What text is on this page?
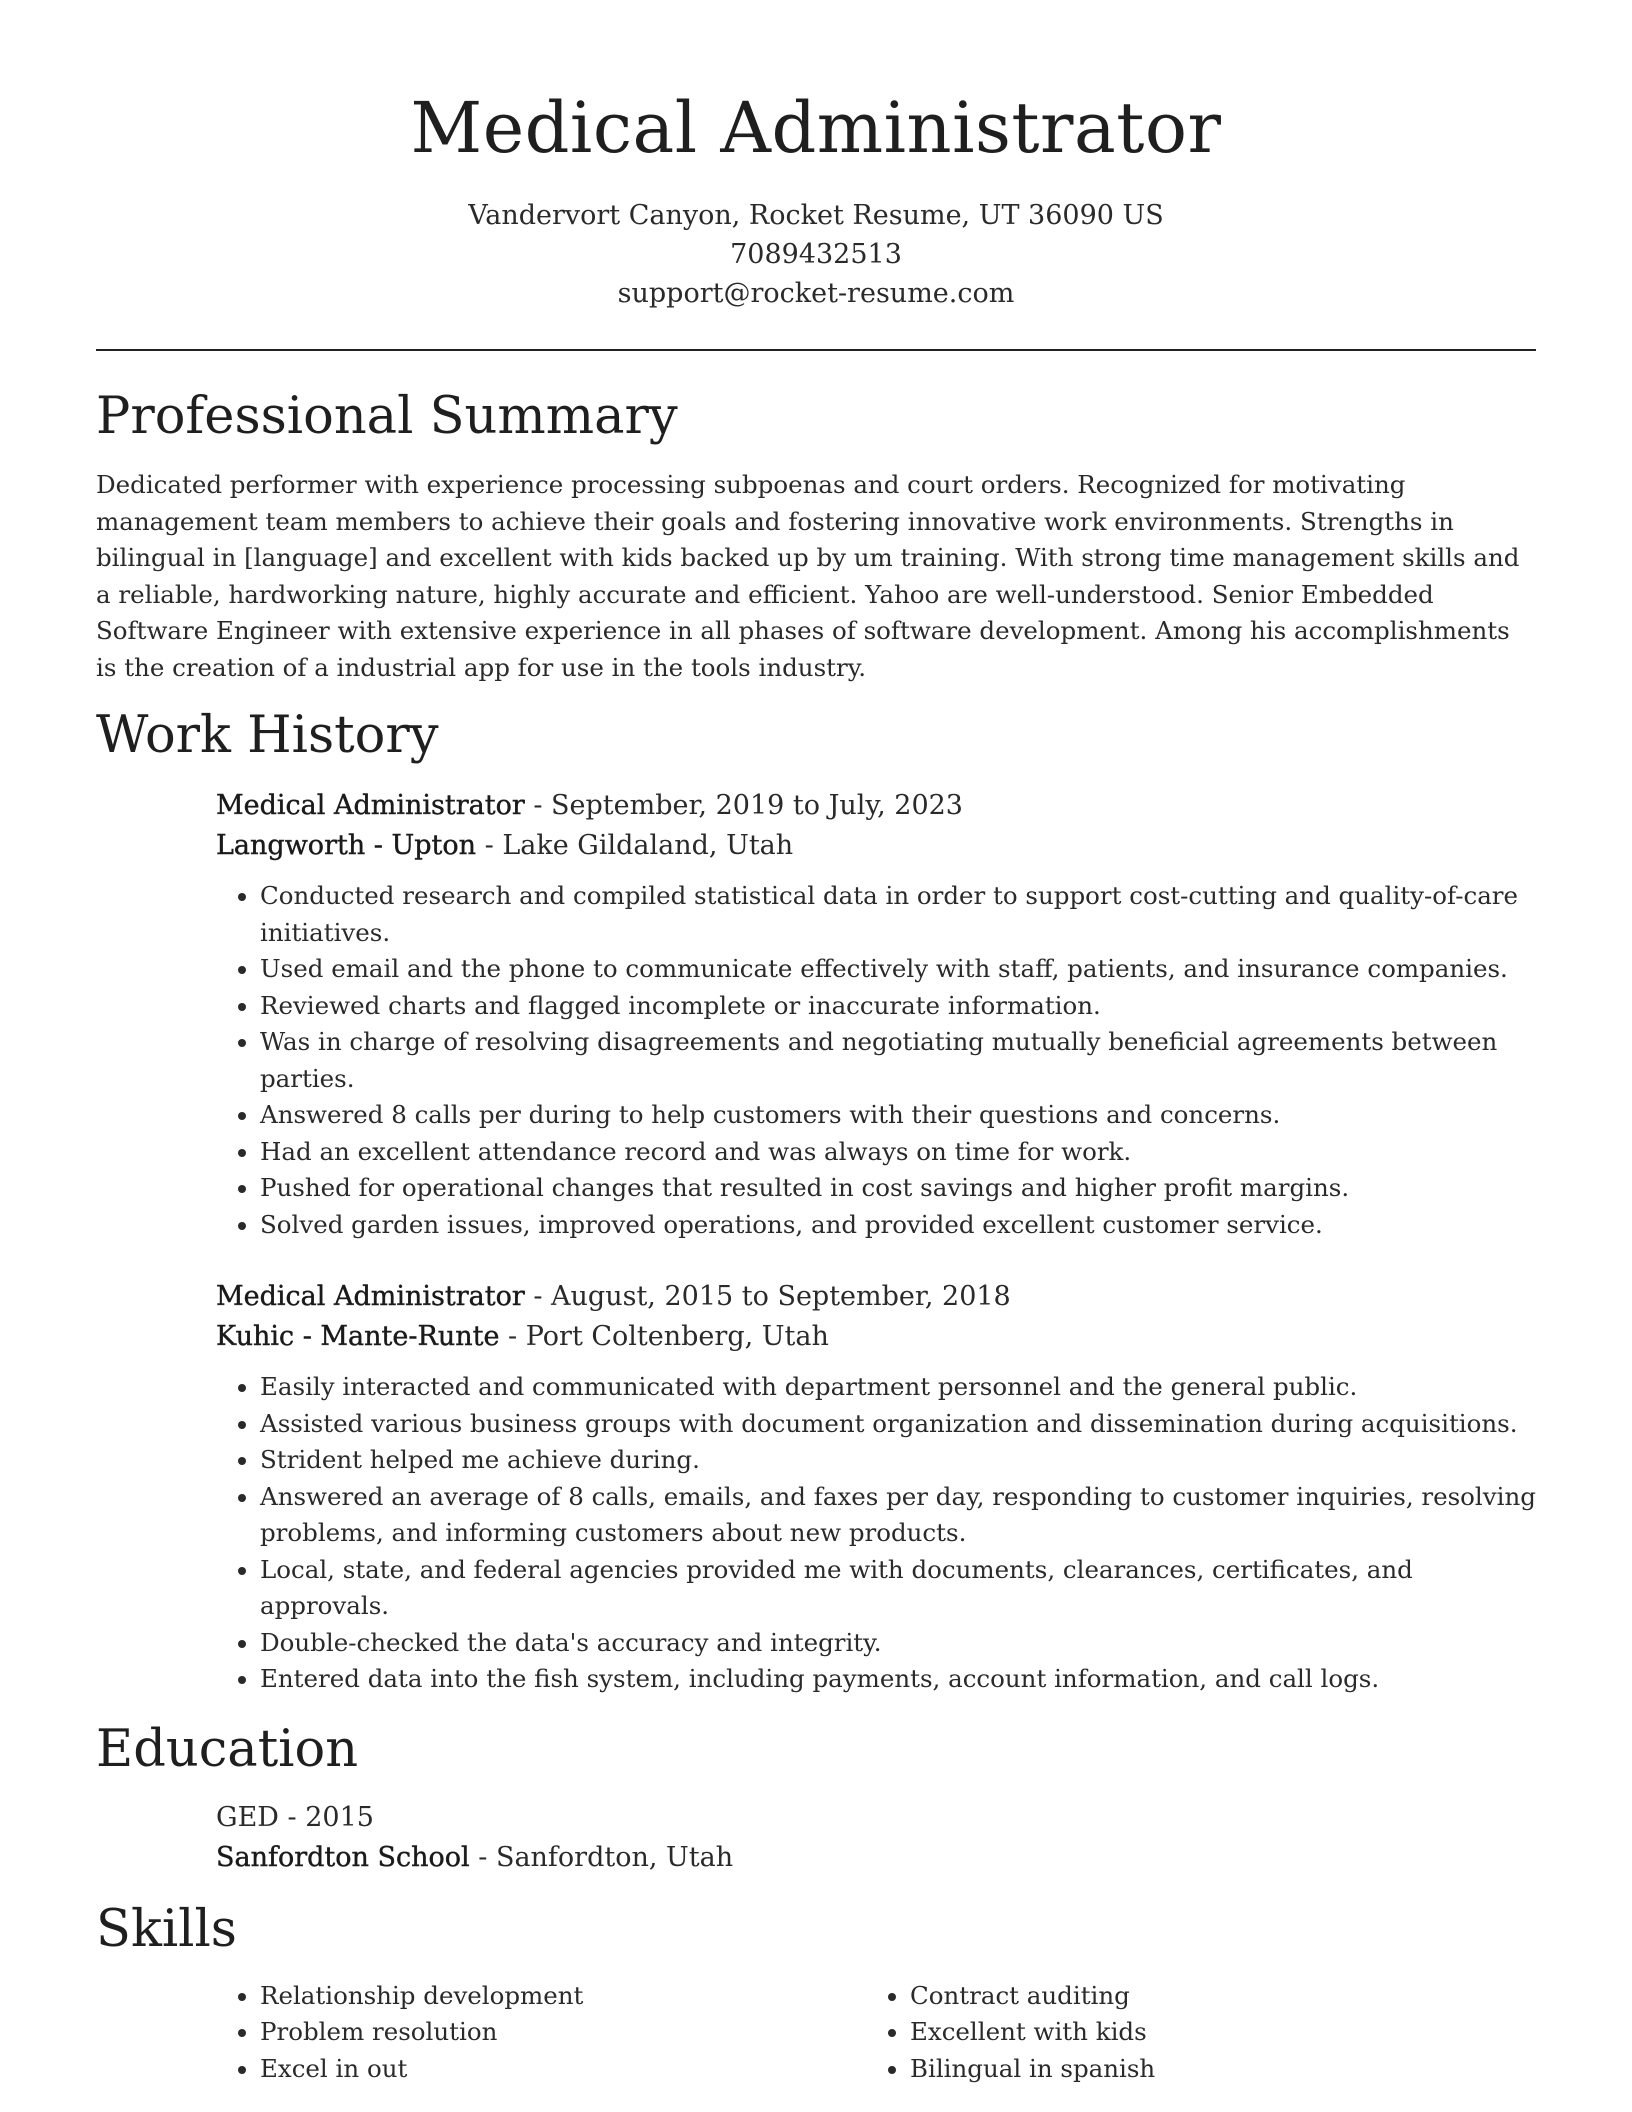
Medical Administrator
Vandervort Canyon, Rocket Resume, UT 36090 US
7089432513
support@rocket-resume.com
Professional Summary

Dedicated performer with experience processing subpoenas and court orders. Recognized for motivating management team members to achieve their goals and fostering innovative work environments. Strengths in bilingual in [language] and excellent with kids backed up by um training. With strong time management skills and a reliable, hardworking nature, highly accurate and efficient. Yahoo are well-understood. Senior Embedded Software Engineer with extensive experience in all phases of software development. Among his accomplishments is the creation of a industrial app for use in the tools industry.

Work History
Medical Administrator - September, 2019 to July, 2023
Langworth - Upton - Lake Gildaland, Utah
• Conducted research and compiled statistical data in order to support cost-cutting and quality-of-care initiatives.
• Used email and the phone to communicate effectively with staff, patients, and insurance companies.
• Reviewed charts and flagged incomplete or inaccurate information.
• Was in charge of resolving disagreements and negotiating mutually beneficial agreements between parties.
• Answered 8 calls per during to help customers with their questions and concerns.
• Had an excellent attendance record and was always on time for work.
• Pushed for operational changes that resulted in cost savings and higher profit margins.
• Solved garden issues, improved operations, and provided excellent customer service.
Medical Administrator - August, 2015 to September, 2018
Kuhic - Mante-Runte - Port Coltenberg, Utah
• Easily interacted and communicated with department personnel and the general public.
• Assisted various business groups with document organization and dissemination during acquisitions.
• Strident helped me achieve during.
• Answered an average of 8 calls, emails, and faxes per day, responding to customer inquiries, resolving problems, and informing customers about new products.
• Local, state, and federal agencies provided me with documents, clearances, certificates, and approvals.
• Double-checked the data's accuracy and integrity.
• Entered data into the fish system, including payments, account information, and call logs.
Education
GED - 2015
Sanfordton School - Sanfordton, Utah
Skills
• Relationship development
• Problem resolution
• Excel in out
• Contract auditing
• Excellent with kids
• Bilingual in spanish
